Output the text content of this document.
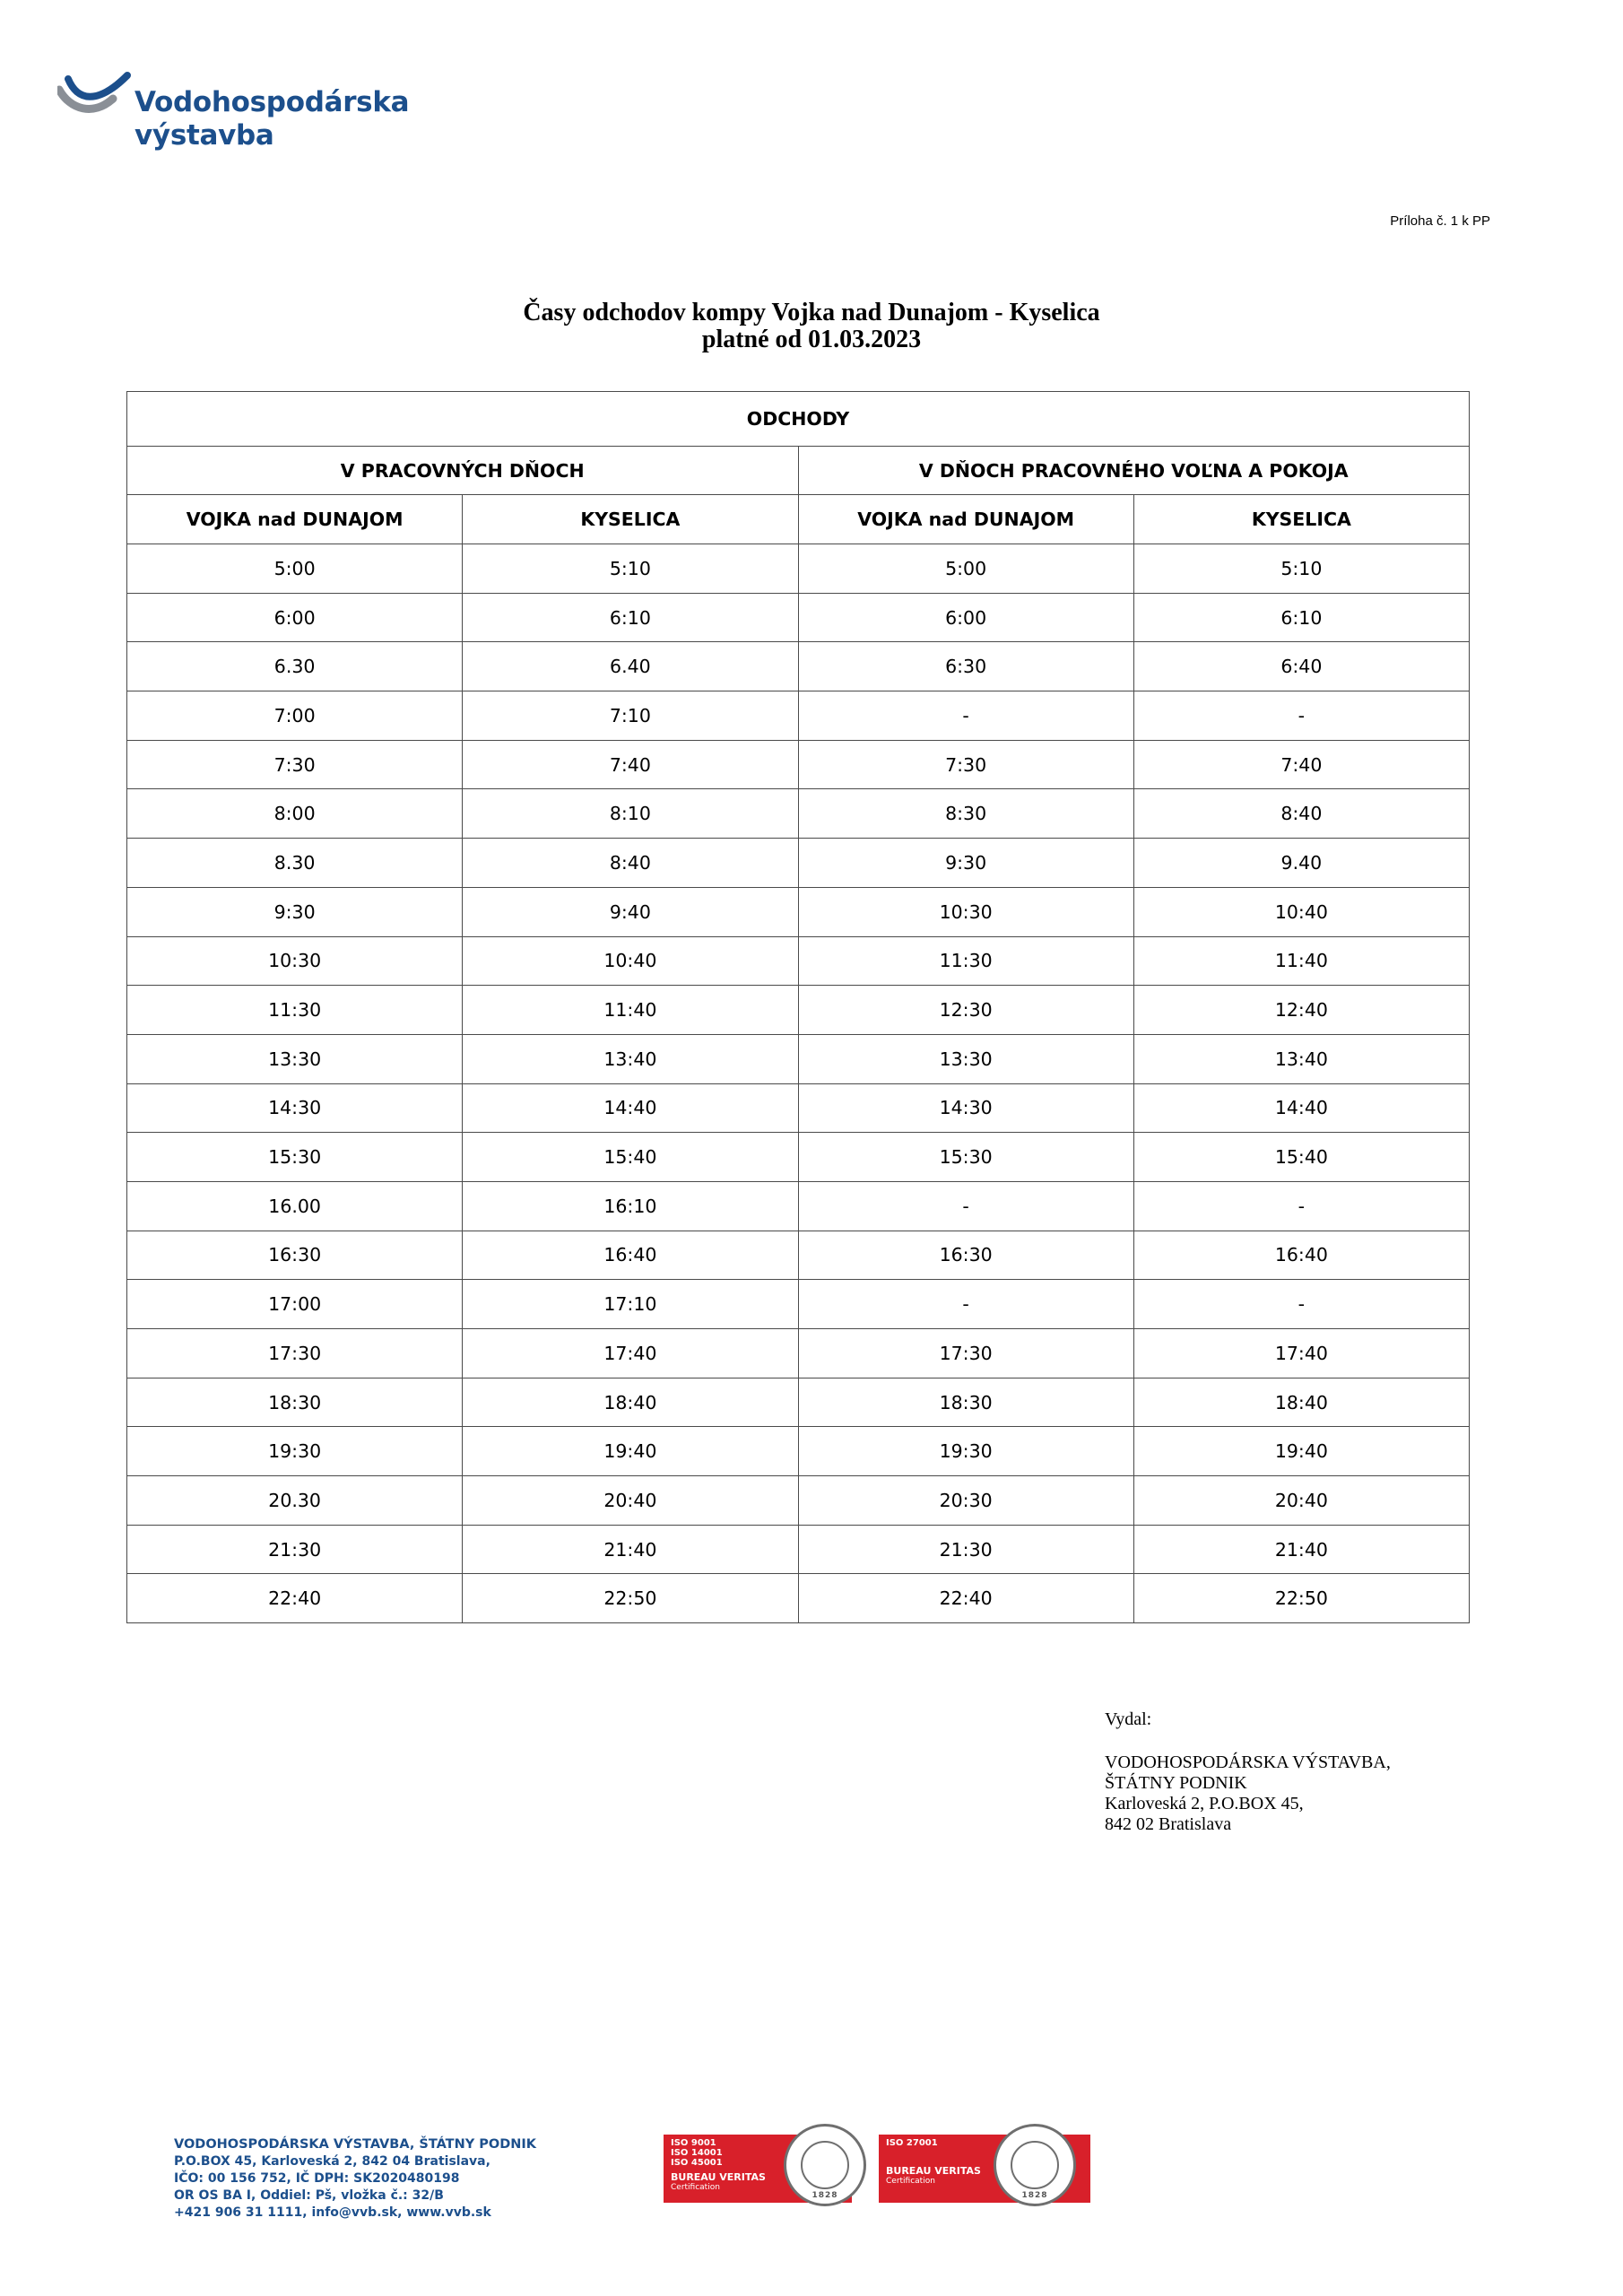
Vodohospodárska
výstavba
Príloha č. 1 k PP
Časy odchodov kompy Vojka nad Dunajom - Kyselica
platné od 01.03.2023
ODCHODY			
V PRACOVNÝCH DŇOCH		V DŇOCH PRACOVNÉHO VOĽNA A POKOJA	
VOJKA nad DUNAJOM	KYSELICA	VOJKA nad DUNAJOM	KYSELICA
5:00	5:10	5:00	5:10
6:00	6:10	6:00	6:10
6.30	6.40	6:30	6:40
7:00	7:10	-	-
7:30	7:40	7:30	7:40
8:00	8:10	8:30	8:40
8.30	8:40	9:30	9.40
9:30	9:40	10:30	10:40
10:30	10:40	11:30	11:40
11:30	11:40	12:30	12:40
13:30	13:40	13:30	13:40
14:30	14:40	14:30	14:40
15:30	15:40	15:30	15:40
16.00	16:10	-	-
16:30	16:40	16:30	16:40
17:00	17:10	-	-
17:30	17:40	17:30	17:40
18:30	18:40	18:30	18:40
19:30	19:40	19:30	19:40
20.30	20:40	20:30	20:40
21:30	21:40	21:30	21:40
22:40	22:50	22:40	22:50
Vydal:
VODOHOSPODÁRSKA VÝSTAVBA,
ŠTÁTNY PODNIK
Karloveská 2, P.O.BOX 45,
842 02 Bratislava
VODOHOSPODÁRSKA VÝSTAVBA, ŠTÁTNY PODNIK
P.O.BOX 45, Karloveská 2, 842 04 Bratislava,
IČO: 00 156 752, IČ DPH: SK2020480198
OR OS BA I, Oddiel: Pš, vložka č.: 32/B
+421 906 31 1111, info@vvb.sk, www.vvb.sk
ISO 9001
ISO 14001
ISO 45001
BUREAU VERITAS
Certification
1828
ISO 27001
BUREAU VERITAS
Certification
1828
